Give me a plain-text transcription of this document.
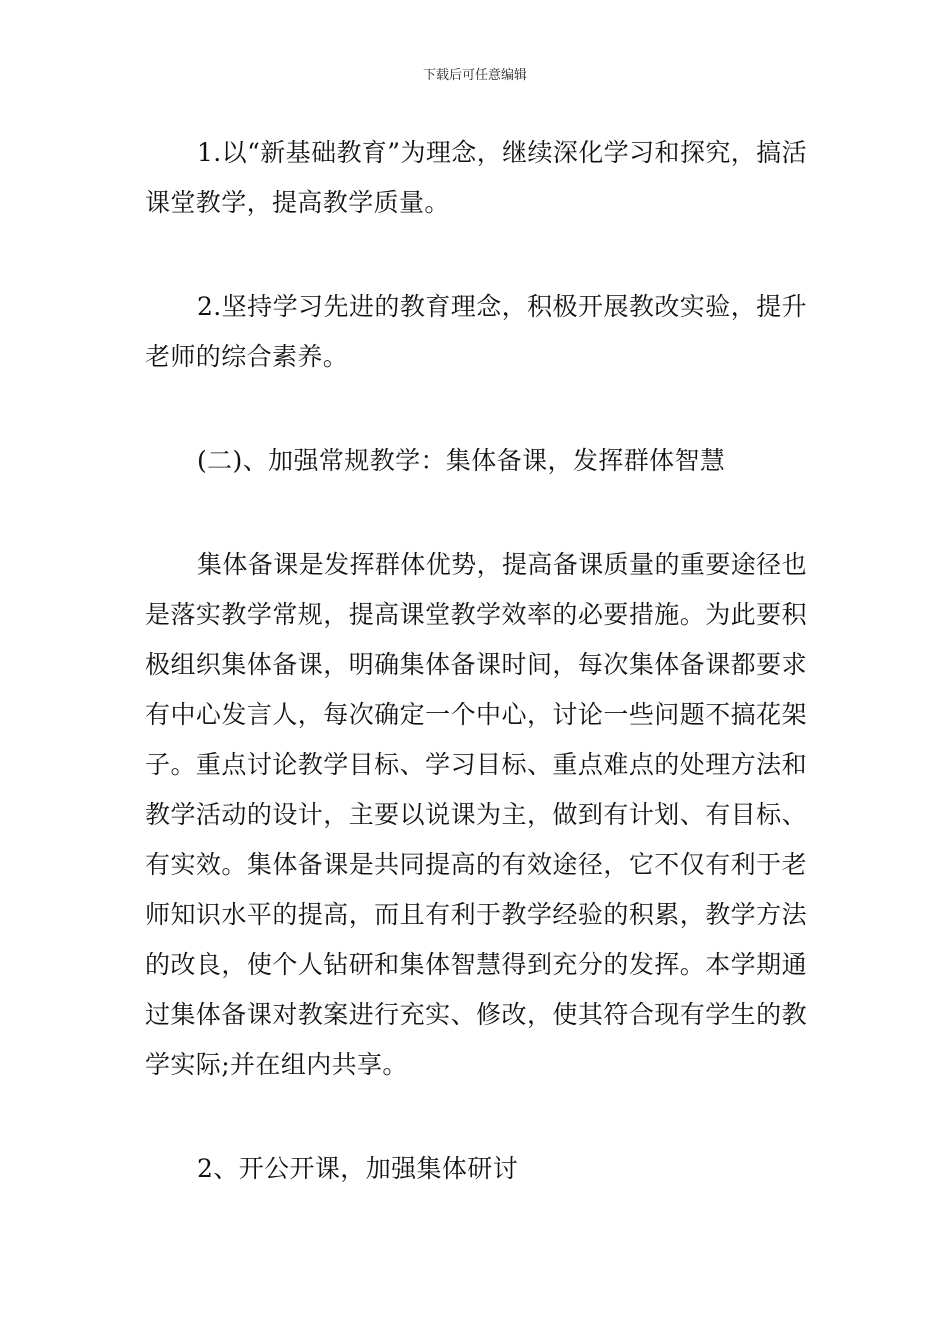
下载后可任意编辑

1.以“新基础教育”为理念，继续深化学习和探究，搞活课堂教学，提高教学质量。

2.坚持学习先进的教育理念，积极开展教改实验，提升老师的综合素养。

(二)、加强常规教学：集体备课，发挥群体智慧

集体备课是发挥群体优势，提高备课质量的重要途径也是落实教学常规，提高课堂教学效率的必要措施。为此要积极组织集体备课，明确集体备课时间，每次集体备课都要求有中心发言人，每次确定一个中心，讨论一些问题不搞花架子。重点讨论教学目标、学习目标、重点难点的处理方法和教学活动的设计，主要以说课为主，做到有计划、有目标、有实效。集体备课是共同提高的有效途径，它不仅有利于老师知识水平的提高，而且有利于教学经验的积累，教学方法的改良，使个人钻研和集体智慧得到充分的发挥。本学期通过集体备课对教案进行充实、修改，使其符合现有学生的教学实际;并在组内共享。

2、开公开课，加强集体研讨
